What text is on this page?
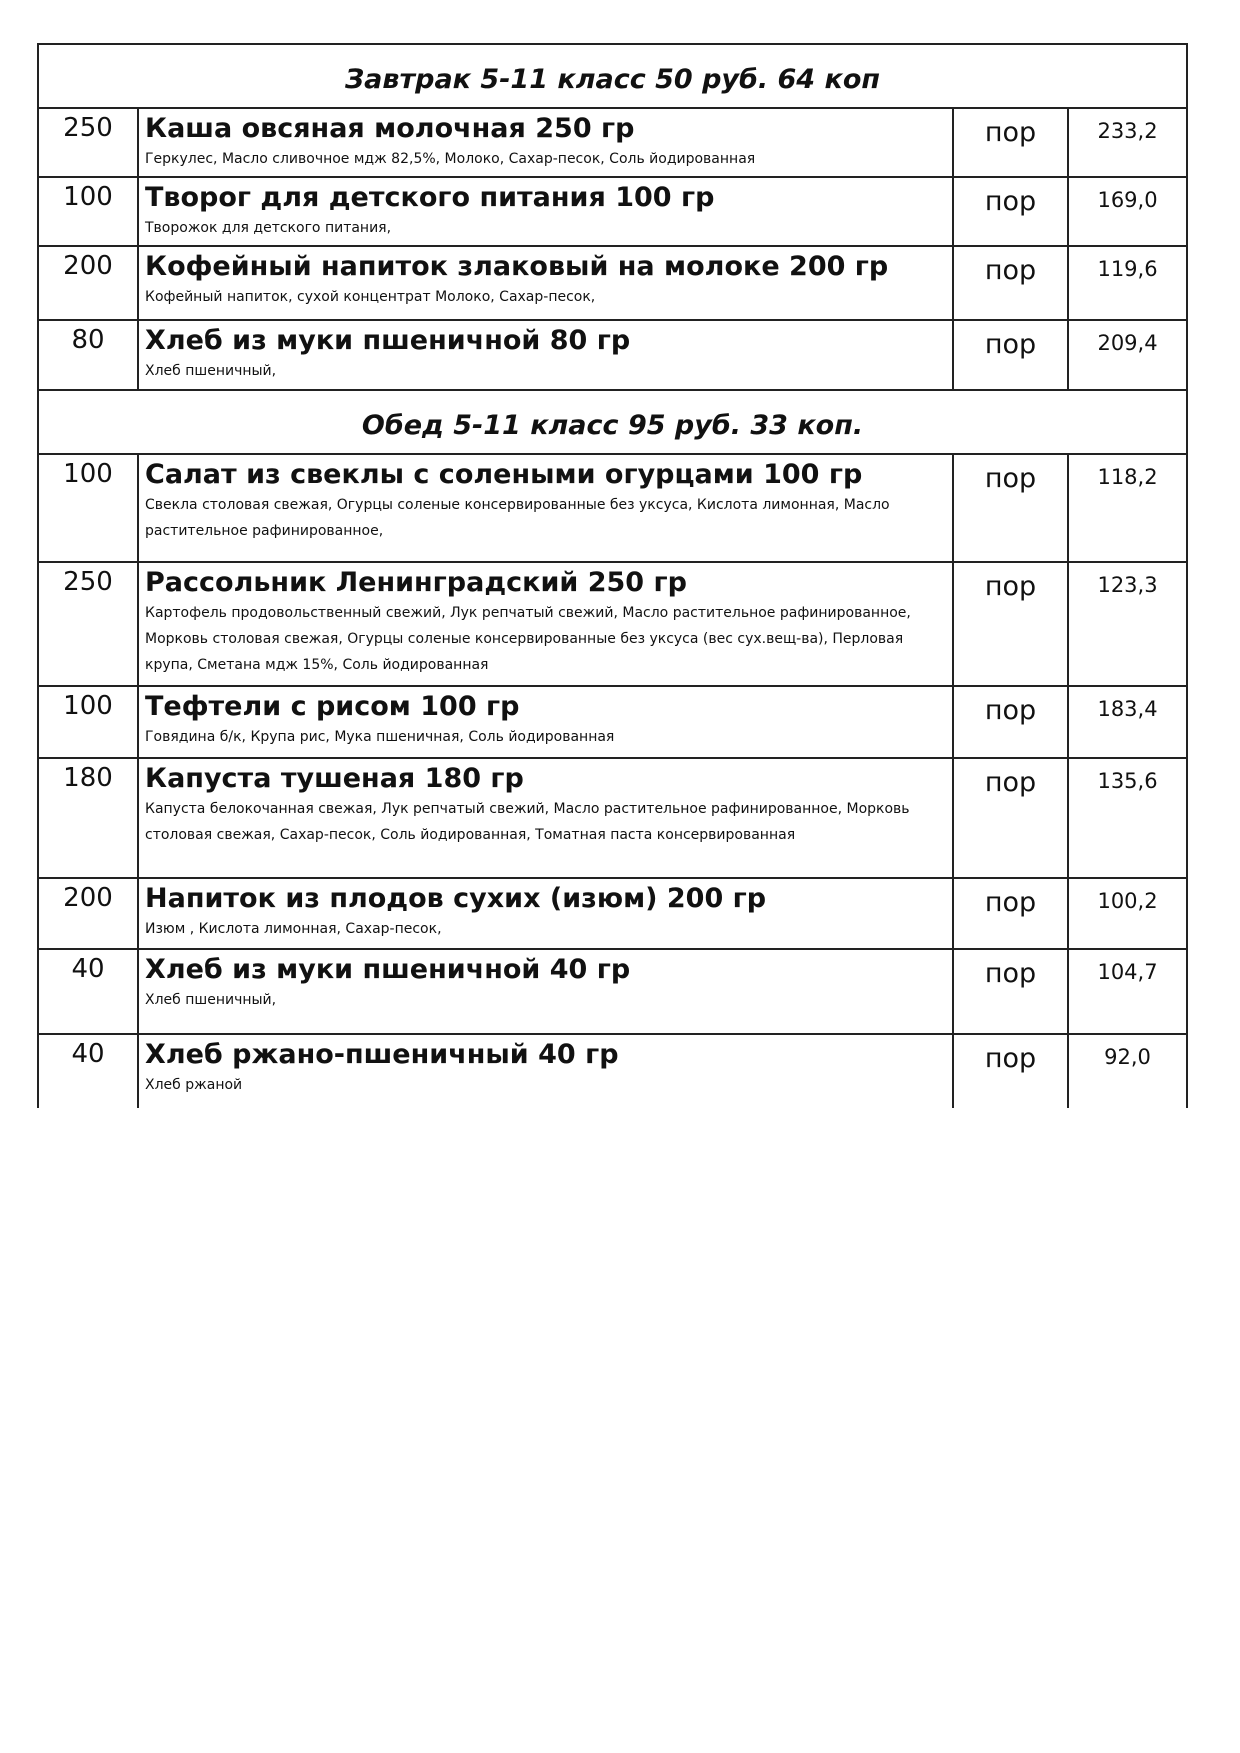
Завтрак 5-11 класс 50 руб. 64 коп			
250	Каша овсяная молочная 250 гр
Геркулес, Масло сливочное мдж 82,5%, Молоко, Сахар-песок, Соль йодированная	пор	233,2
100	Творог для детского питания 100 гр
Творожок для детского питания,	пор	169,0
200	Кофейный напиток злаковый на молоке 200 гр
Кофейный напиток, сухой концентрат Молоко, Сахар-песок,	пор	119,6
80	Хлеб из муки пшеничной 80 гр
Хлеб пшеничный,	пор	209,4
Обед 5-11 класс 95 руб. 33 коп.			
100	Салат из свеклы с солеными огурцами 100 гр
Свекла столовая свежая, Огурцы соленые консервированные без уксуса, Кислота лимонная, Масло растительное рафинированное,	пор	118,2
250	Рассольник Ленинградский 250 гр
Картофель продовольственный свежий, Лук репчатый свежий, Масло растительное рафинированное, Морковь столовая свежая, Огурцы соленые консервированные без уксуса (вес сух.вещ-ва), Перловая крупа, Сметана мдж 15%, Соль йодированная	пор	123,3
100	Тефтели с рисом 100 гр
Говядина б/к, Крупа рис, Мука пшеничная, Соль йодированная	пор	183,4
180	Капуста тушеная 180 гр
Капуста белокочанная свежая, Лук репчатый свежий, Масло растительное рафинированное, Морковь столовая свежая, Сахар-песок, Соль йодированная, Томатная паста консервированная	пор	135,6
200	Напиток из плодов сухих (изюм) 200 гр
Изюм , Кислота лимонная, Сахар-песок,	пор	100,2
40	Хлеб из муки пшеничной 40 гр
Хлеб пшеничный,	пор	104,7
40	Хлеб ржано-пшеничный 40 гр
Хлеб ржаной	пор	92,0
